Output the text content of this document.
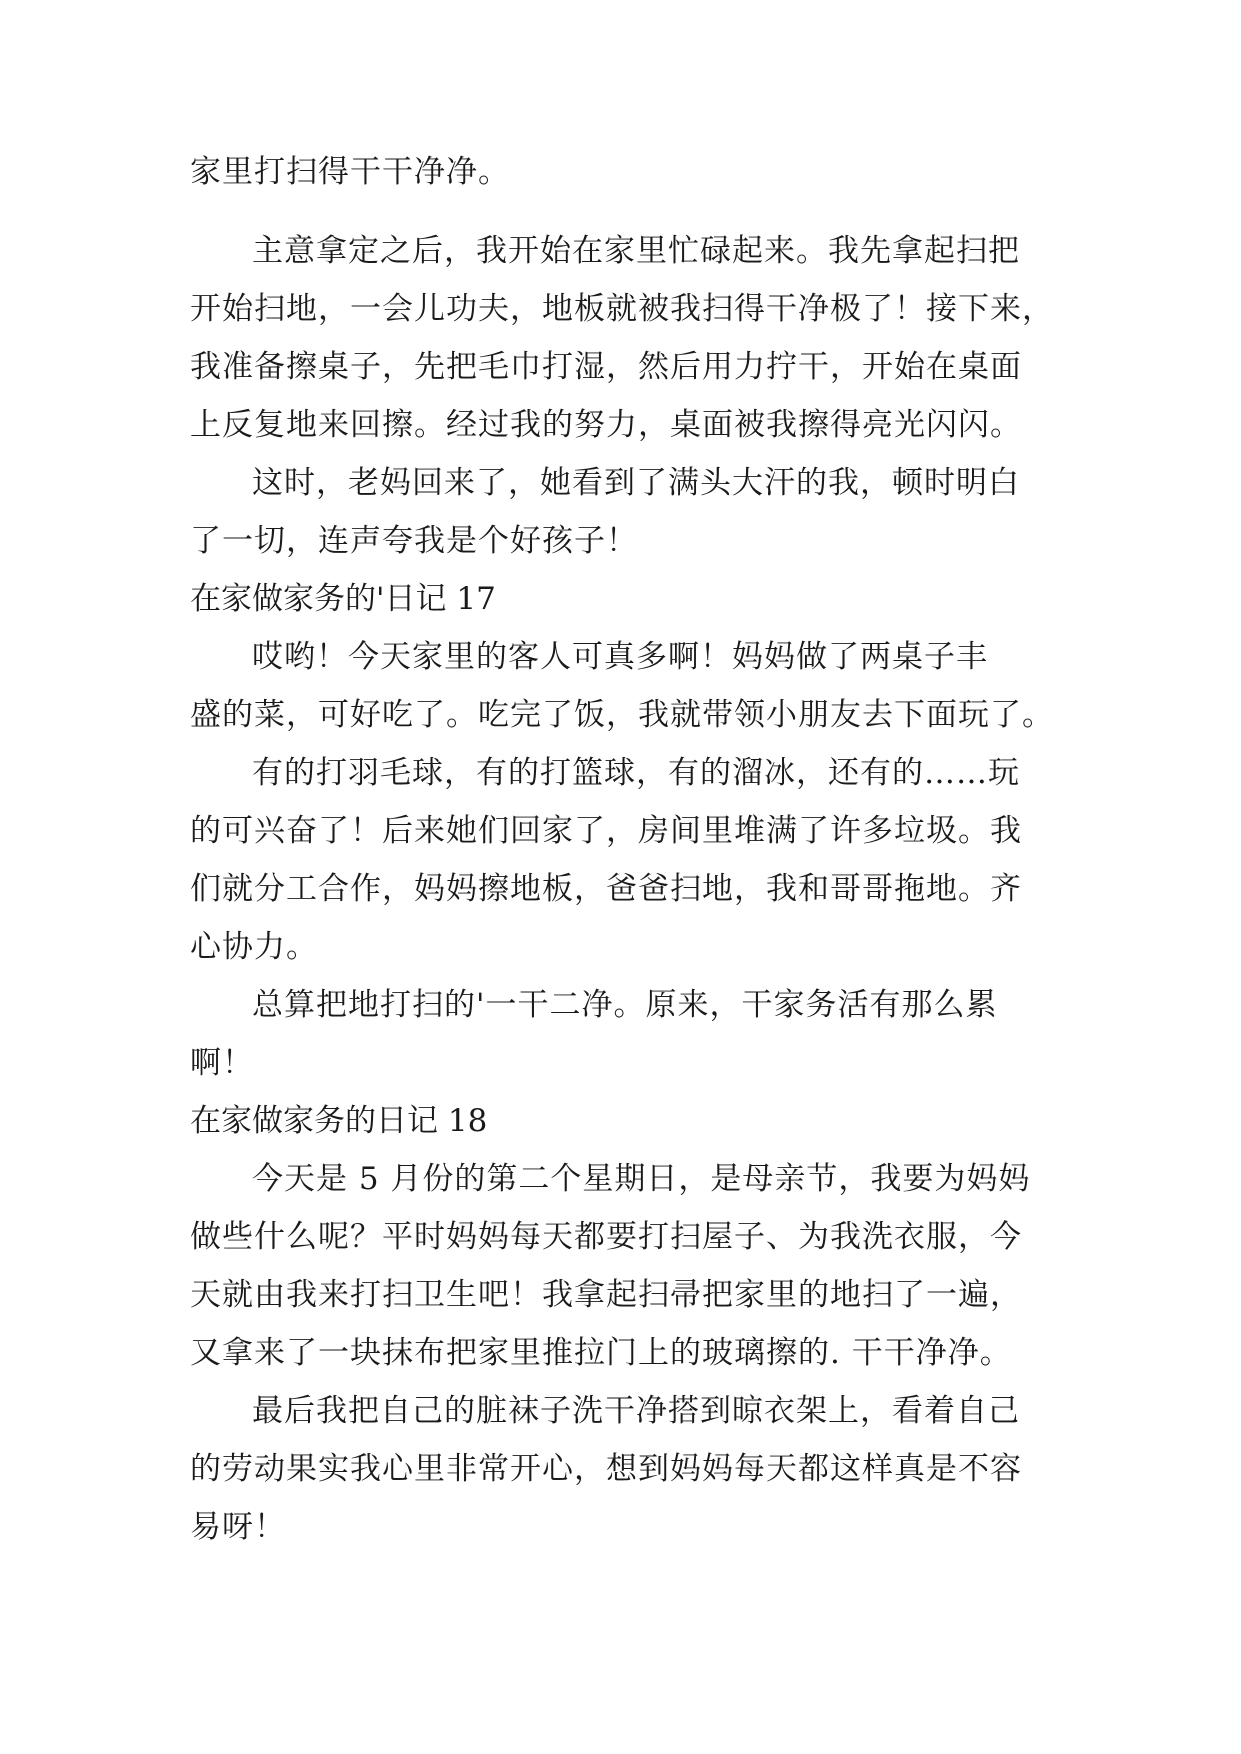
家里打扫得干干净净。
主意拿定之后，我开始在家里忙碌起来。我先拿起扫把
开始扫地，一会儿功夫，地板就被我扫得干净极了！接下来，
我准备擦桌子，先把毛巾打湿，然后用力拧干，开始在桌面
上反复地来回擦。经过我的努力，桌面被我擦得亮光闪闪。
这时，老妈回来了，她看到了满头大汗的我，顿时明白
了一切，连声夸我是个好孩子！
在家做家务的'日记 17
哎哟！今天家里的客人可真多啊！妈妈做了两桌子丰
盛的菜，可好吃了。吃完了饭，我就带领小朋友去下面玩了。
有的打羽毛球，有的打篮球，有的溜冰，还有的……玩
的可兴奋了！后来她们回家了，房间里堆满了许多垃圾。我
们就分工合作，妈妈擦地板，爸爸扫地，我和哥哥拖地。齐
心协力。
总算把地打扫的'一干二净。原来，干家务活有那么累
啊！
在家做家务的日记 18
今天是 5 月份的第二个星期日，是母亲节，我要为妈妈
做些什么呢？平时妈妈每天都要打扫屋子、为我洗衣服，今
天就由我来打扫卫生吧！我拿起扫帚把家里的地扫了一遍，
又拿来了一块抹布把家里推拉门上的玻璃擦的. 干干净净。
最后我把自己的脏袜子洗干净搭到晾衣架上，看着自己
的劳动果实我心里非常开心，想到妈妈每天都这样真是不容
易呀！
